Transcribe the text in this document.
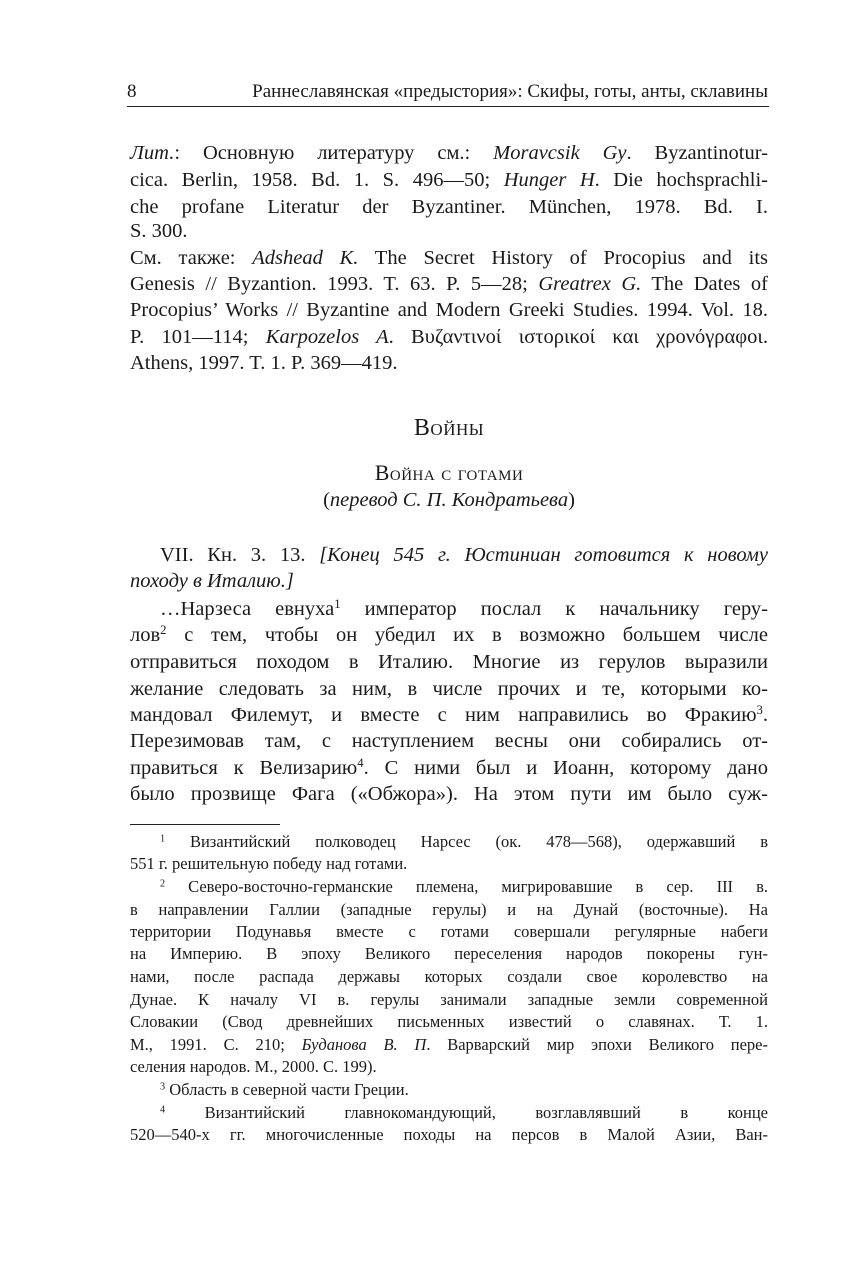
8	Раннеславянская «предыстория»: Скифы, готы, анты, склавины
Лит.: Основную литературу см.: Moravcsik Gy. Byzantinotur-
cica. Berlin, 1958. Bd. 1. S. 496—50; Hunger H. Die hochsprachli-
che profane Literatur der Byzantiner. München, 1978. Bd. I.
S. 300.
См. также: Adshead K. The Secret History of Procopius and its
Genesis // Byzantion. 1993. T. 63. P. 5—28; Greatrex G. The Dates of
Procopius’ Works // Byzantine and Modern Greeki Studies. 1994. Vol. 18.
P. 101—114; Karpozelos A. Βυζαντινοί ιστορικοί και χρονόγραφοι.
Athens, 1997. T. 1. P. 369—419.
Войны
Война с готами
(перевод С. П. Кондратьева)
VII. Кн. 3. 13. [Конец 545 г. Юстиниан готовится к новому
походу в Италию.]
…Нарзеса евнуха$^1$ император послал к начальнику геру-
лов$^2$ с тем, чтобы он убедил их в возможно большем числе
отправиться походом в Италию. Многие из герулов выразили
желание следовать за ним, в числе прочих и те, которыми ко-
мандовал Филемут, и вместе с ним направились во Фракию$^3$.
Перезимовав там, с наступлением весны они собирались от-
правиться к Велизарию$^4$. С ними был и Иоанн, которому дано
было прозвище Фага («Обжора»). На этом пути им было суж-
$^1$ Византийский полководец Нарсес (ок. 478—568), одержавший в
551 г. решительную победу над готами.
$^2$ Северо-восточно-германские племена, мигрировавшие в сер. III в.
в направлении Галлии (западные герулы) и на Дунай (восточные). На
территории Подунавья вместе с готами совершали регулярные набеги
на Империю. В эпоху Великого переселения народов покорены гун-
нами, после распада державы которых создали свое королевство на
Дунае. К началу VI в. герулы занимали западные земли современной
Словакии (Свод древнейших письменных известий о славянах. Т. 1.
М., 1991. С. 210; Буданова В. П. Варварский мир эпохи Великого пере-
селения народов. М., 2000. С. 199).
$^3$ Область в северной части Греции.
$^4$ Византийский главнокомандующий, возглавлявший в конце
520—540-х гг. многочисленные походы на персов в Малой Азии, Ван-
